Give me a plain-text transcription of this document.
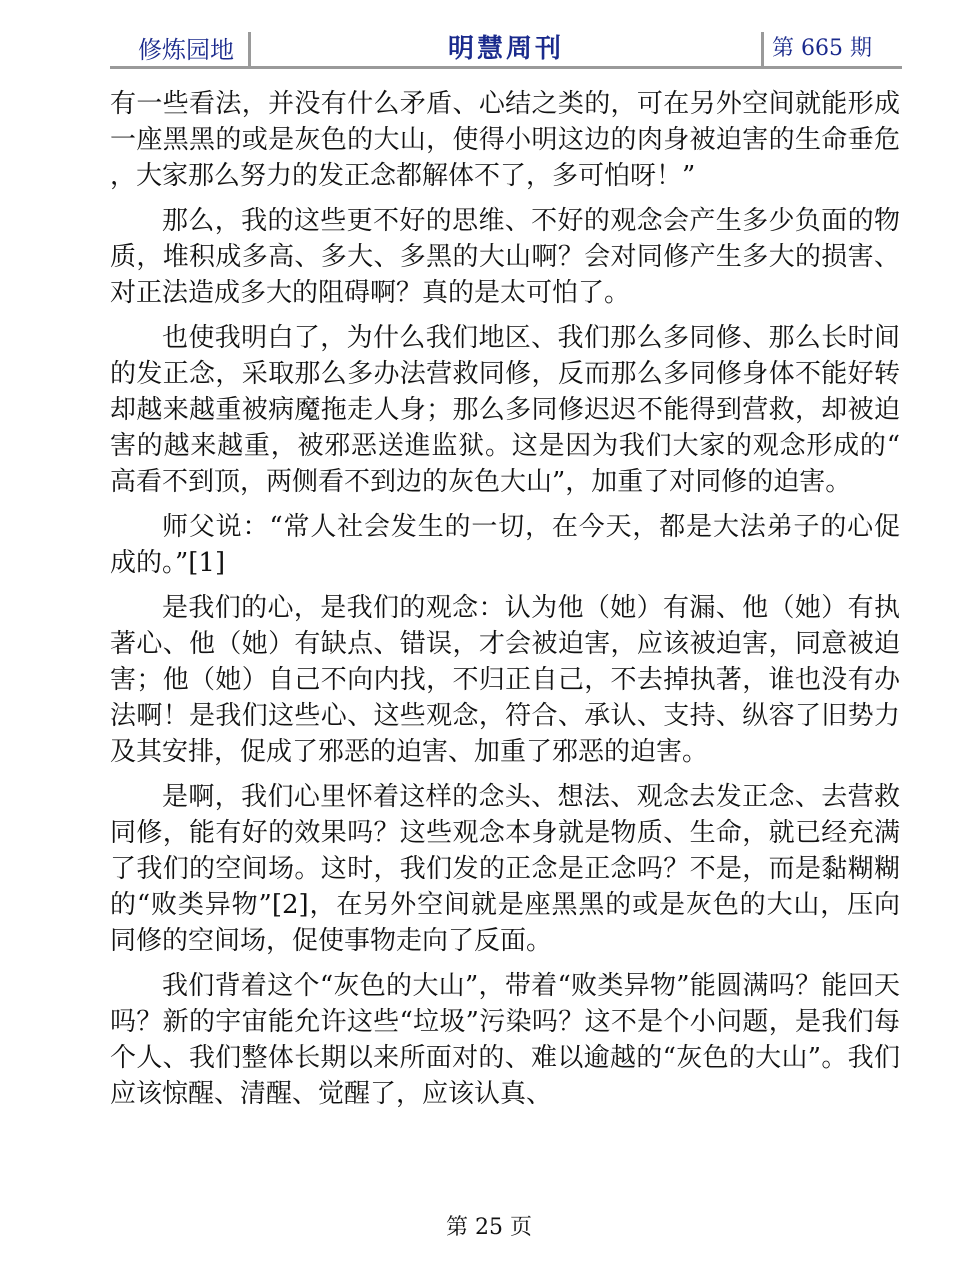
修炼园地	明慧周刊	第 665 期

有一些看法，并没有什么矛盾、心结之类的，可在另外空间就能形成一座黑黑的或是灰色的大山，使得小明这边的肉身被迫害的生命垂危，大家那么努力的发正念都解体不了，多可怕呀！”

那么，我的这些更不好的思维、不好的观念会产生多少负面的物质，堆积成多高、多大、多黑的大山啊？会对同修产生多大的损害、对正法造成多大的阻碍啊？真的是太可怕了。

也使我明白了，为什么我们地区、我们那么多同修、那么长时间的发正念，采取那么多办法营救同修，反而那么多同修身体不能好转却越来越重被病魔拖走人身；那么多同修迟迟不能得到营救，却被迫害的越来越重，被邪恶送進监狱。这是因为我们大家的观念形成的“高看不到顶，两侧看不到边的灰色大山”，加重了对同修的迫害。

师父说：“常人社会发生的一切，在今天，都是大法弟子的心促成的。”[1]

是我们的心，是我们的观念：认为他（她）有漏、他（她）有执著心、他（她）有缺点、错误，才会被迫害，应该被迫害，同意被迫害；他（她）自己不向内找，不归正自己，不去掉执著，谁也没有办法啊！是我们这些心、这些观念，符合、承认、支持、纵容了旧势力及其安排，促成了邪恶的迫害、加重了邪恶的迫害。

是啊，我们心里怀着这样的念头、想法、观念去发正念、去营救同修，能有好的效果吗？这些观念本身就是物质、生命，就已经充满了我们的空间场。这时，我们发的正念是正念吗？不是，而是黏糊糊的“败类异物”[2]，在另外空间就是座黑黑的或是灰色的大山，压向同修的空间场，促使事物走向了反面。

我们背着这个“灰色的大山”，带着“败类异物”能圆满吗？能回天吗？新的宇宙能允许这些“垃圾”污染吗？这不是个小问题，是我们每个人、我们整体长期以来所面对的、难以逾越的“灰色的大山”。我们应该惊醒、清醒、觉醒了，应该认真、

第 25 页
